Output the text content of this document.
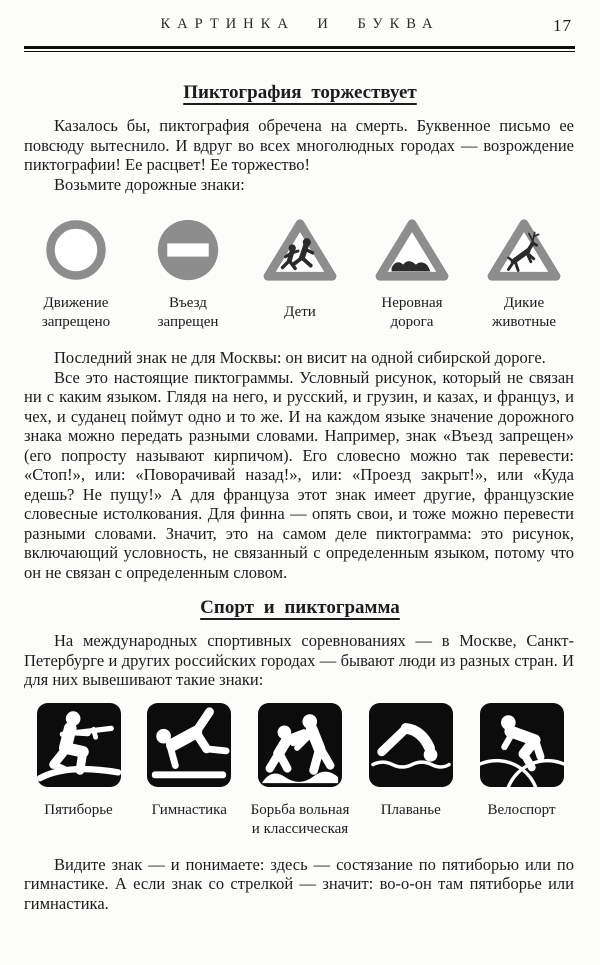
КАРТИНКА И БУКВА	17
Пиктография торжествует

Казалось бы, пиктография обречена на смерть. Буквенное письмо ее повсюду вытеснило. И вдруг во всех многолюдных городах — возрождение пиктографии! Ее расцвет! Ее торжество!

Возьмите дорожные знаки:

Движение
запрещено
Въезд
запрещен
Дети
Неровная
дорога
Дикие
животные

Последний знак не для Москвы: он висит на одной сибирской дороге.

Все это настоящие пиктограммы. Условный рисунок, который не связан ни с каким языком. Глядя на него, и русский, и грузин, и казах, и француз, и чех, и суданец поймут одно и то же. И на каждом языке значение дорожного знака можно передать разными словами. Например, знак «Въезд запрещен» (его попросту называют кирпичом). Его словесно можно так перевести: «Стоп!», или: «Поворачивай назад!», или: «Проезд закрыт!», или «Куда едешь? Не пущу!» А для француза этот знак имеет другие, французские словесные истолкования. Для финна — опять свои, и тоже можно перевести разными словами. Значит, это на самом деле пиктограмма: это рисунок, включающий условность, не связанный с определенным языком, потому что он не связан с определенным словом.

Спорт и пиктограмма

На международных спортивных соревнованиях — в Москве, Санкт-Петербурге и других российских городах — бывают люди из разных стран. И для них вывешивают такие знаки:

Пятиборье	Гимнастика Борьба вольная
и классическая
Плаванье	Велоспорт

Видите знак — и понимаете: здесь — состязание по пятиборью или по гимнастике. А если знак со стрелкой — значит: во-о-он там пятиборье или гимнастика.
